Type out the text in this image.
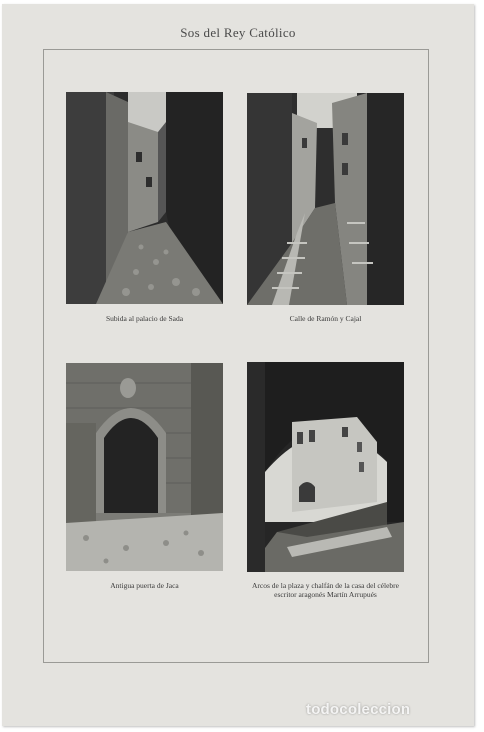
Sos del Rey Católico
Subida al palacio de Sada	Calle de Ramón y Cajal
Antigua puerta de Jaca	Arcos de la plaza y chalfán de la casa del célebre escritor aragonés Martín Arrupués
todocoleccion
